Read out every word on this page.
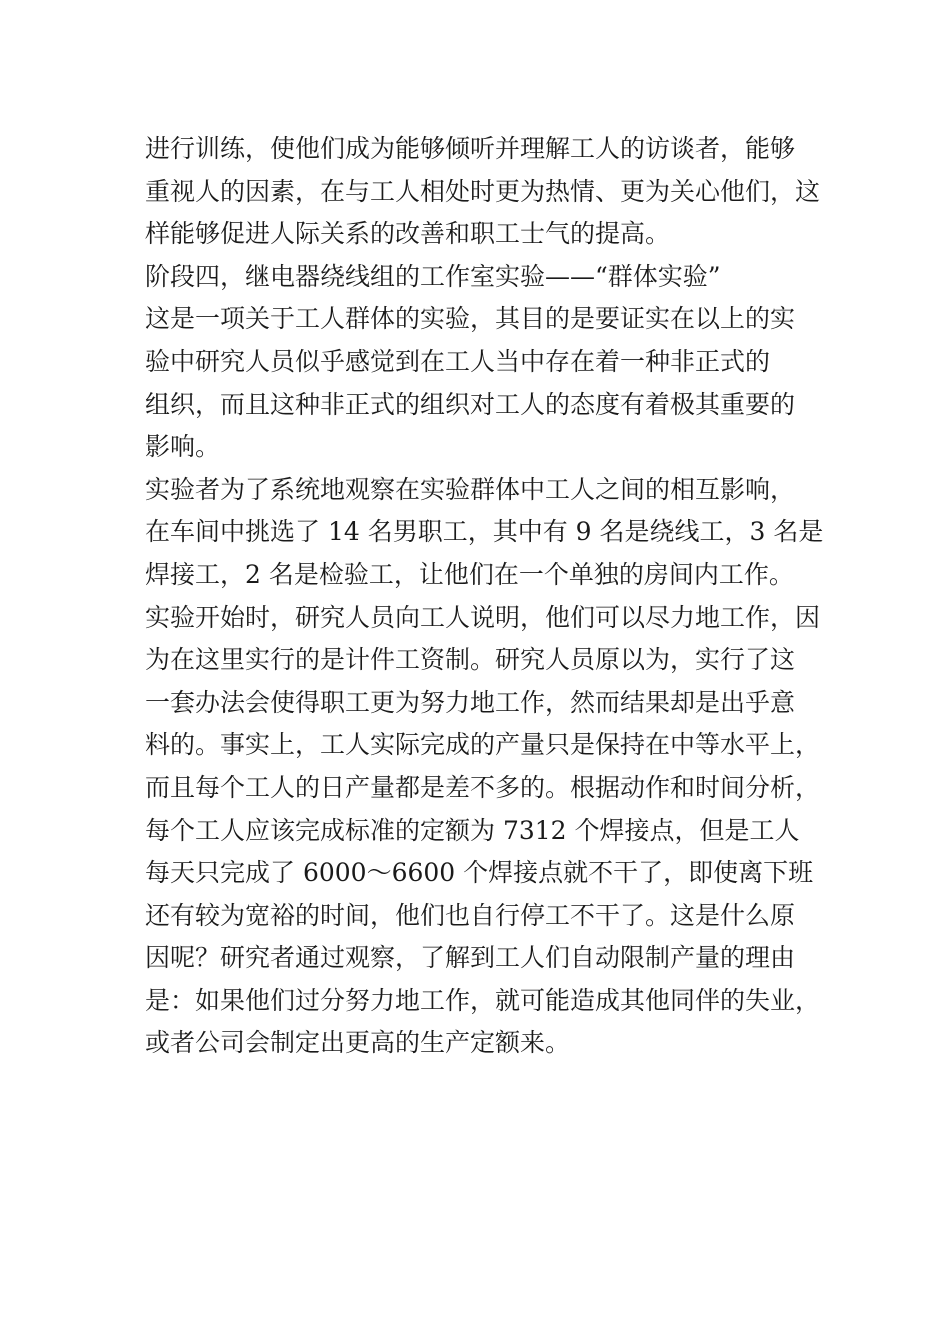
进行训练，使他们成为能够倾听并理解工人的访谈者，能够
重视人的因素，在与工人相处时更为热情、更为关心他们，这
样能够促进人际关系的改善和职工士气的提高。
阶段四，继电器绕线组的工作室实验——“群体实验”
这是一项关于工人群体的实验，其目的是要证实在以上的实
验中研究人员似乎感觉到在工人当中存在着一种非正式的
组织，而且这种非正式的组织对工人的态度有着极其重要的
影响。
实验者为了系统地观察在实验群体中工人之间的相互影响，
在车间中挑选了 14 名男职工，其中有 9 名是绕线工，3 名是
焊接工，2 名是检验工，让他们在一个单独的房间内工作。
实验开始时，研究人员向工人说明，他们可以尽力地工作，因
为在这里实行的是计件工资制。研究人员原以为，实行了这
一套办法会使得职工更为努力地工作，然而结果却是出乎意
料的。事实上，工人实际完成的产量只是保持在中等水平上，
而且每个工人的日产量都是差不多的。根据动作和时间分析，
每个工人应该完成标准的定额为 7312 个焊接点，但是工人
每天只完成了 6000～6600 个焊接点就不干了，即使离下班
还有较为宽裕的时间，他们也自行停工不干了。这是什么原
因呢？研究者通过观察，了解到工人们自动限制产量的理由
是：如果他们过分努力地工作，就可能造成其他同伴的失业，
或者公司会制定出更高的生产定额来。
